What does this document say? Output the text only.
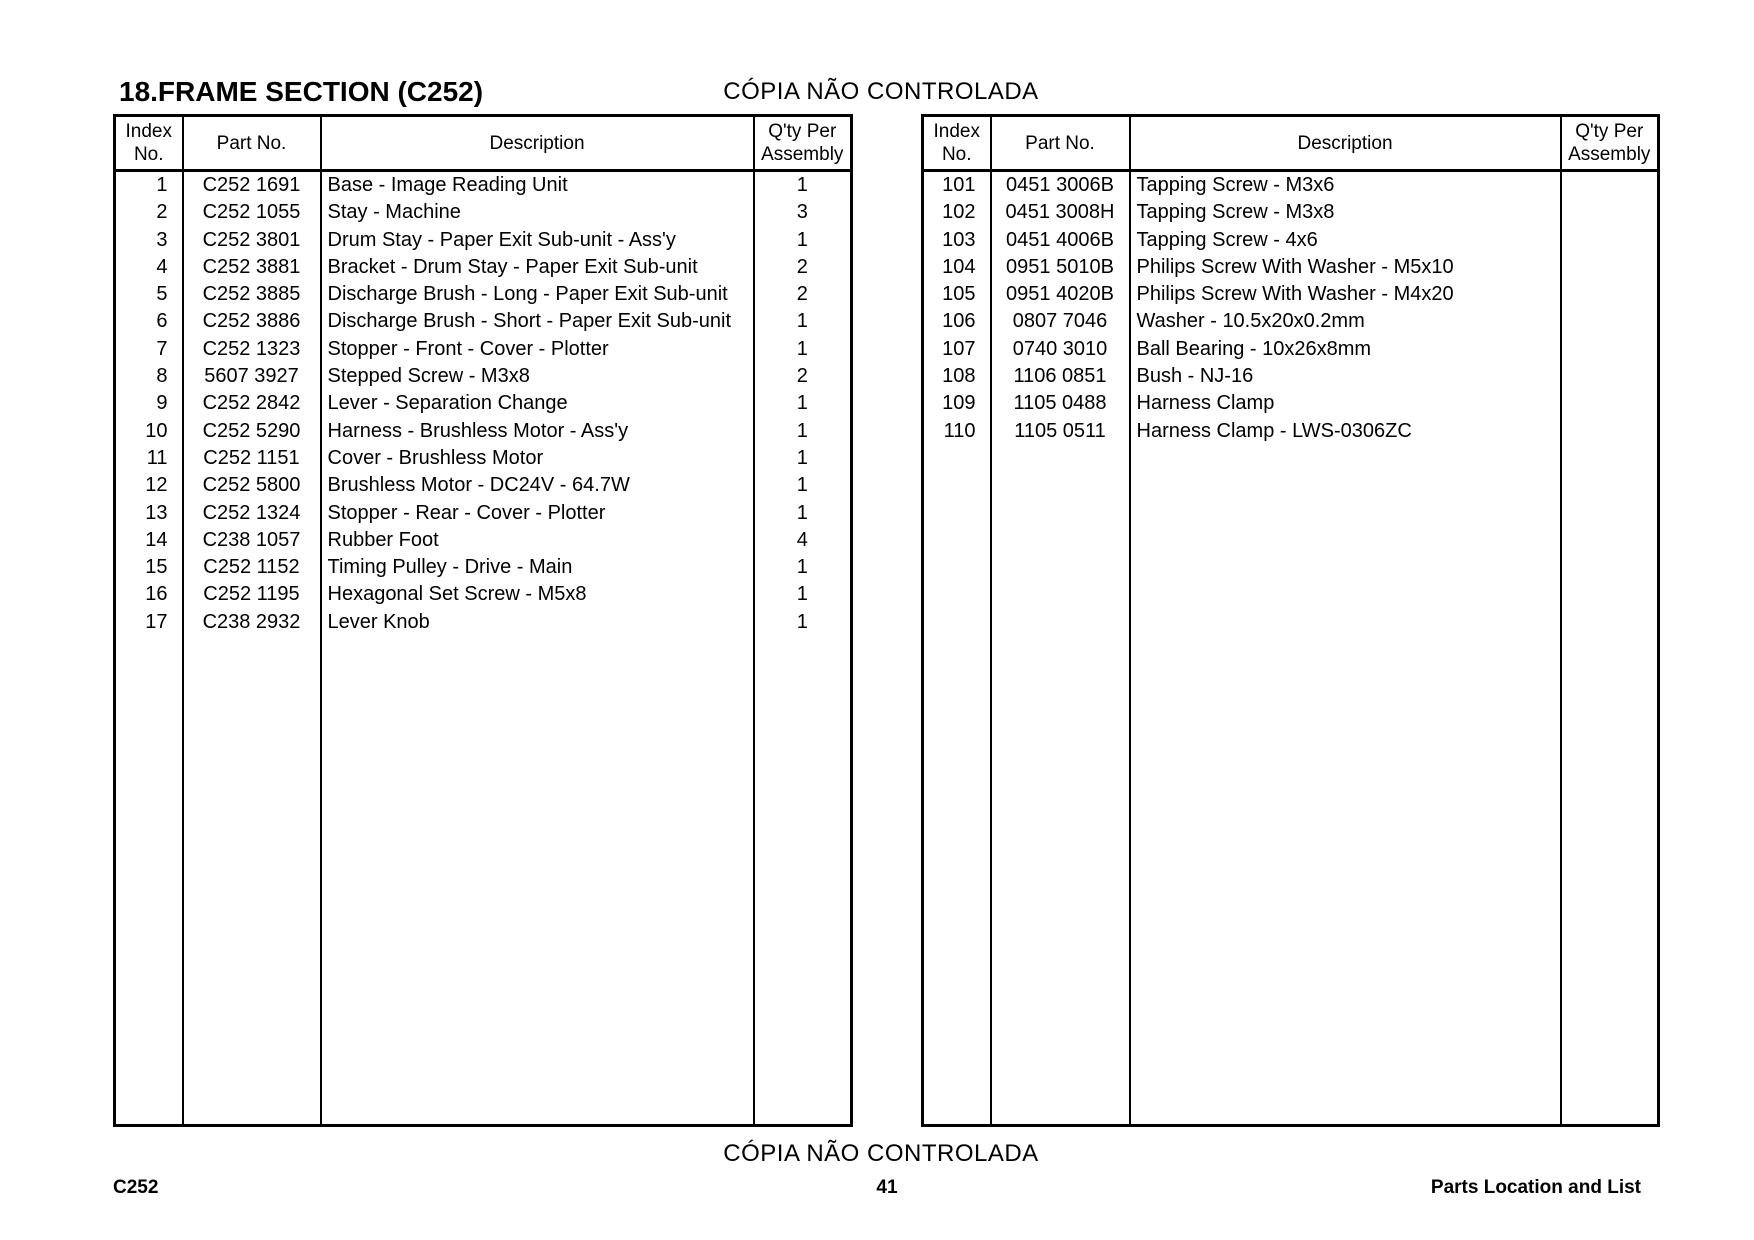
18.FRAME SECTION (C252)	CÓPIA NÃO CONTROLADA
Index
No.	Part No.	Description	Q'ty Per
Assembly
1	C252 1691	Base - Image Reading Unit	1
2	C252 1055	Stay - Machine	3
3	C252 3801	Drum Stay - Paper Exit Sub-unit - Ass'y	1
4	C252 3881	Bracket - Drum Stay - Paper Exit Sub-unit	2
5	C252 3885	Discharge Brush - Long - Paper Exit Sub-unit	2
6	C252 3886	Discharge Brush - Short - Paper Exit Sub-unit	1
7	C252 1323	Stopper - Front - Cover - Plotter	1
8	5607 3927	Stepped Screw - M3x8	2
9	C252 2842	Lever - Separation Change	1
10	C252 5290	Harness - Brushless Motor - Ass'y	1
11	C252 1151	Cover - Brushless Motor	1
12	C252 5800	Brushless Motor - DC24V - 64.7W	1
13	C252 1324	Stopper - Rear - Cover - Plotter	1
14	C238 1057	Rubber Foot	4
15	C252 1152	Timing Pulley - Drive - Main	1
16	C252 1195	Hexagonal Set Screw - M5x8	1
17	C238 2932	Lever Knob	1

Index
No.	Part No.	Description	Q'ty Per
Assembly
101	0451 3006B	Tapping Screw - M3x6	
102	0451 3008H	Tapping Screw - M3x8	
103	0451 4006B	Tapping Screw - 4x6	
104	0951 5010B	Philips Screw With Washer - M5x10	
105	0951 4020B	Philips Screw With Washer - M4x20	
106	0807 7046	Washer - 10.5x20x0.2mm	
107	0740 3010	Ball Bearing - 10x26x8mm	
108	1106 0851	Bush - NJ-16	
109	1105 0488	Harness Clamp	
110	1105 0511	Harness Clamp - LWS-0306ZC	

CÓPIA NÃO CONTROLADA
C252	41	Parts Location and List
